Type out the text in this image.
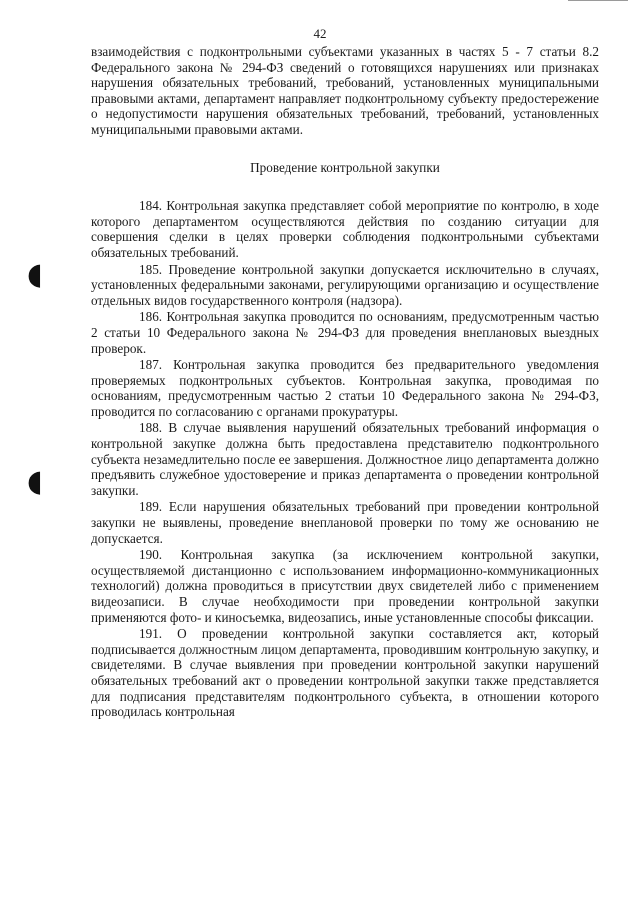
42
◖
◖

взаимодействия с подконтрольными субъектами указанных в частях 5 - 7 статьи 8.2 Федерального закона № 294-ФЗ сведений о готовящихся нарушениях или признаках нарушения обязательных требований, требований, установленных муниципальными правовыми актами, департамент направляет подконтрольному субъекту предостережение о недопустимости нарушения обязательных требований, требований, установленных муниципальными правовыми актами.

Проведение контрольной закупки

184. Контрольная закупка представляет собой мероприятие по контролю, в ходе которого департаментом осуществляются действия по созданию ситуации для совершения сделки в целях проверки соблюдения подконтрольными субъектами обязательных требований.

185. Проведение контрольной закупки допускается исключительно в случаях, установленных федеральными законами, регулирующими организацию и осуществление отдельных видов государственного контроля (надзора).

186. Контрольная закупка проводится по основаниям, предусмотренным частью 2 статьи 10 Федерального закона № 294-ФЗ для проведения внеплановых выездных проверок.

187. Контрольная закупка проводится без предварительного уведомления проверяемых подконтрольных субъектов. Контрольная закупка, проводимая по основаниям, предусмотренным частью 2 статьи 10 Федерального закона № 294-ФЗ, проводится по согласованию с органами прокуратуры.

188. В случае выявления нарушений обязательных требований информация о контрольной закупке должна быть предоставлена представителю подконтрольного субъекта незамедлительно после ее завершения. Должностное лицо департамента должно предъявить служебное удостоверение и приказ департамента о проведении контрольной закупки.

189. Если нарушения обязательных требований при проведении контрольной закупки не выявлены, проведение внеплановой проверки по тому же основанию не допускается.

190. Контрольная закупка (за исключением контрольной закупки, осуществляемой дистанционно с использованием информационно-коммуникационных технологий) должна проводиться в присутствии двух свидетелей либо с применением видеозаписи. В случае необходимости при проведении контрольной закупки применяются фото- и киносъемка, видеозапись, иные установленные способы фиксации.

191. О проведении контрольной закупки составляется акт, который подписывается должностным лицом департамента, проводившим контрольную закупку, и свидетелями. В случае выявления при проведении контрольной закупки нарушений обязательных требований акт о проведении контрольной закупки также представляется для подписания представителям подконтрольного субъекта, в отношении которого проводилась контрольная
